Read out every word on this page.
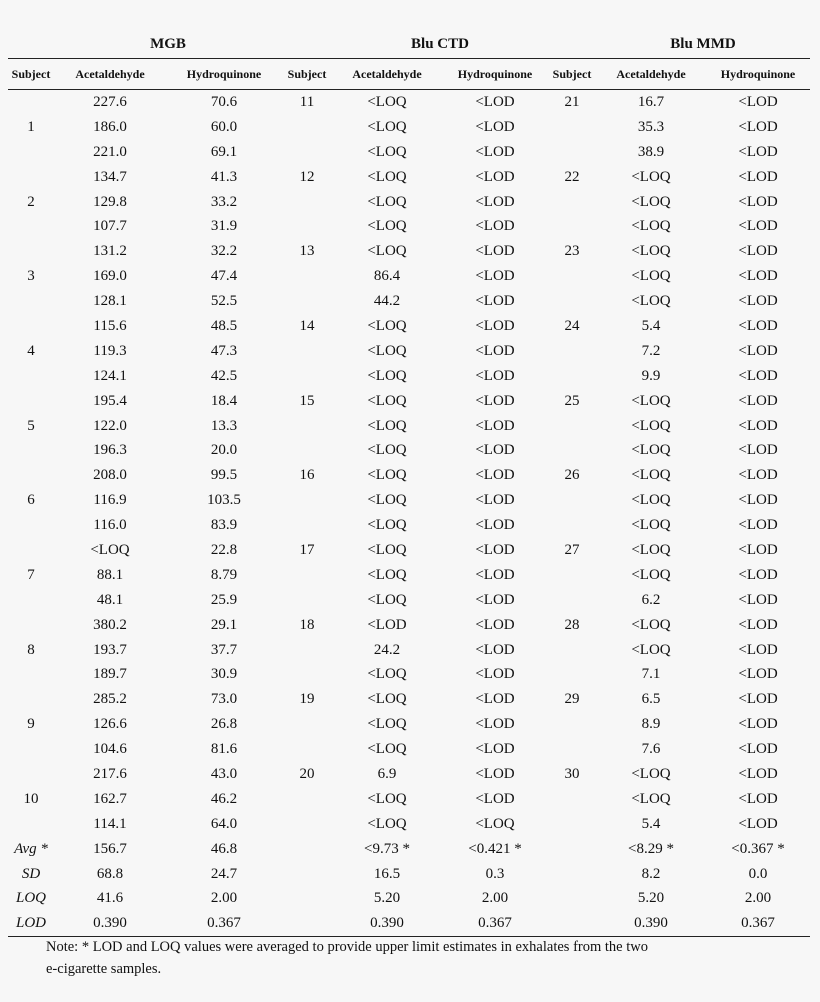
	MGB			Blu CTD			Blu MMD	
Subject	Acetaldehyde	Hydroquinone	Subject	Acetaldehyde	Hydroquinone	Subject	Acetaldehyde	Hydroquinone
	227.6	70.6	11	<LOQ	<LOD	21	16.7	<LOD
1	186.0	60.0		<LOQ	<LOD		35.3	<LOD
	221.0	69.1		<LOQ	<LOD		38.9	<LOD
	134.7	41.3	12	<LOQ	<LOD	22	<LOQ	<LOD
2	129.8	33.2		<LOQ	<LOD		<LOQ	<LOD
	107.7	31.9		<LOQ	<LOD		<LOQ	<LOD
	131.2	32.2	13	<LOQ	<LOD	23	<LOQ	<LOD
3	169.0	47.4		86.4	<LOD		<LOQ	<LOD
	128.1	52.5		44.2	<LOD		<LOQ	<LOD
	115.6	48.5	14	<LOQ	<LOD	24	5.4	<LOD
4	119.3	47.3		<LOQ	<LOD		7.2	<LOD
	124.1	42.5		<LOQ	<LOD		9.9	<LOD
	195.4	18.4	15	<LOQ	<LOD	25	<LOQ	<LOD
5	122.0	13.3		<LOQ	<LOD		<LOQ	<LOD
	196.3	20.0		<LOQ	<LOD		<LOQ	<LOD
	208.0	99.5	16	<LOQ	<LOD	26	<LOQ	<LOD
6	116.9	103.5		<LOQ	<LOD		<LOQ	<LOD
	116.0	83.9		<LOQ	<LOD		<LOQ	<LOD
	<LOQ	22.8	17	<LOQ	<LOD	27	<LOQ	<LOD
7	88.1	8.79		<LOQ	<LOD		<LOQ	<LOD
	48.1	25.9		<LOQ	<LOD		6.2	<LOD
	380.2	29.1	18	<LOD	<LOD	28	<LOQ	<LOD
8	193.7	37.7		24.2	<LOD		<LOQ	<LOD
	189.7	30.9		<LOQ	<LOD		7.1	<LOD
	285.2	73.0	19	<LOQ	<LOD	29	6.5	<LOD
9	126.6	26.8		<LOQ	<LOD		8.9	<LOD
	104.6	81.6		<LOQ	<LOD		7.6	<LOD
	217.6	43.0	20	6.9	<LOD	30	<LOQ	<LOD
10	162.7	46.2		<LOQ	<LOD		<LOQ	<LOD
	114.1	64.0		<LOQ	<LOQ		5.4	<LOD
Avg *	156.7	46.8		<9.73 *	<0.421 *		<8.29 *	<0.367 *
SD	68.8	24.7		16.5	0.3		8.2	0.0
LOQ	41.6	2.00		5.20	2.00		5.20	2.00
LOD	0.390	0.367		0.390	0.367		0.390	0.367
Note: * LOD and LOQ values were averaged to provide upper limit estimates in exhalates from the two
e-cigarette samples.
